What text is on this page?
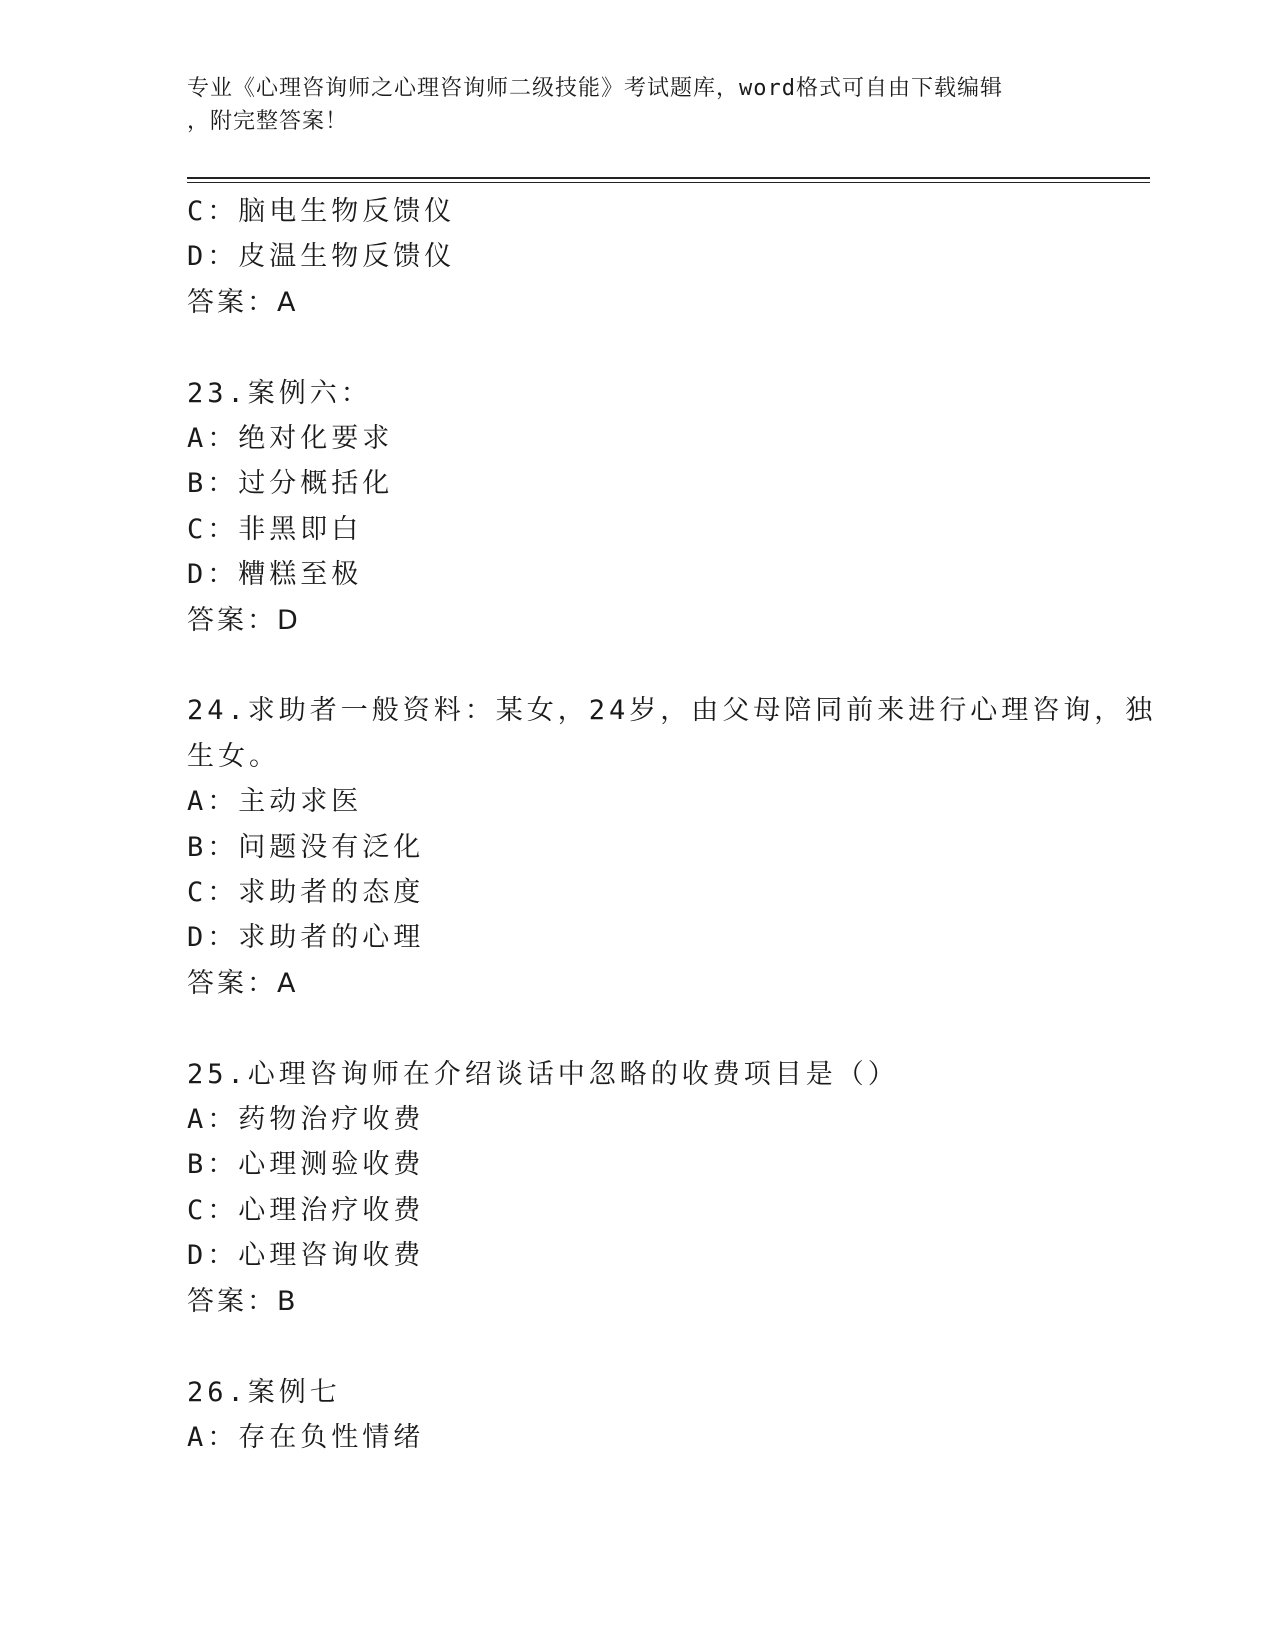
专业《心理咨询师之心理咨询师二级技能》考试题库，word格式可自由下载编辑
，附完整答案！
C：脑电生物反馈仪
D：皮温生物反馈仪
答案：A
23.案例六：
A：绝对化要求
B：过分概括化
C：非黑即白
D：糟糕至极
答案：D
24.求助者一般资料：某女，24岁，由父母陪同前来进行心理咨询，独
生女。
A：主动求医
B：问题没有泛化
C：求助者的态度
D：求助者的心理
答案：A
25.心理咨询师在介绍谈话中忽略的收费项目是（）
A：药物治疗收费
B：心理测验收费
C：心理治疗收费
D：心理咨询收费
答案：B
26.案例七
A：存在负性情绪
